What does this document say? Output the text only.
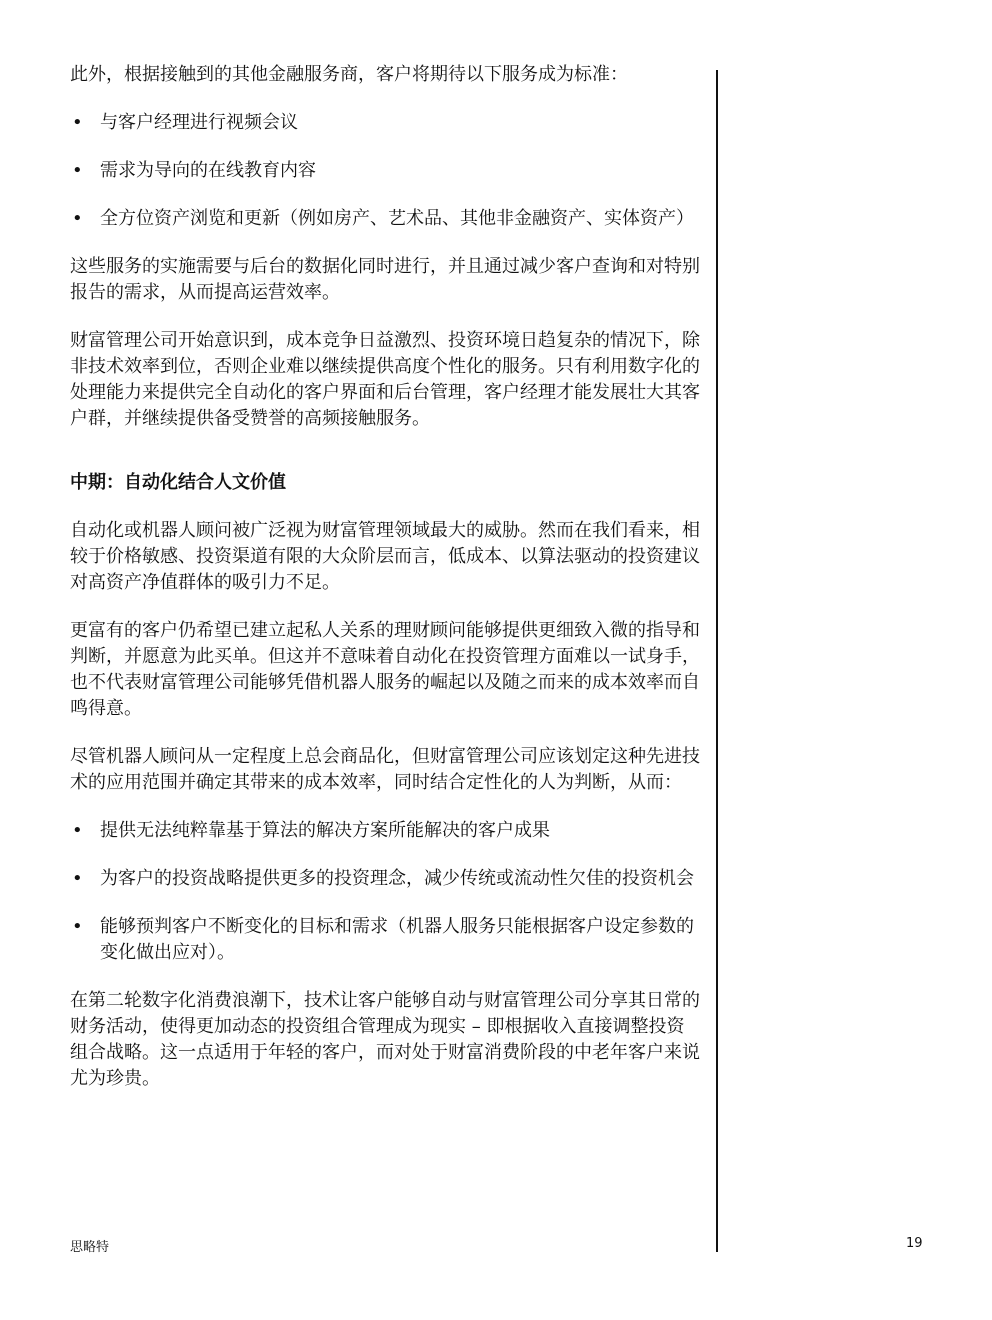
此外，根据接触到的其他金融服务商，客户将期待以下服务成为标准：

• 与客户经理进行视频会议
• 需求为导向的在线教育内容
• 全方位资产浏览和更新（例如房产、艺术品、其他非金融资产、实体资产）

这些服务的实施需要与后台的数据化同时进行，并且通过减少客户查询和对特别报告的需求，从而提高运营效率。

财富管理公司开始意识到，成本竞争日益激烈、投资环境日趋复杂的情况下，除非技术效率到位，否则企业难以继续提供高度个性化的服务。只有利用数字化的处理能力来提供完全自动化的客户界面和后台管理，客户经理才能发展壮大其客户群，并继续提供备受赞誉的高频接触服务。

中期：自动化结合人文价值

自动化或机器人顾问被广泛视为财富管理领域最大的威胁。然而在我们看来，相较于价格敏感、投资渠道有限的大众阶层而言，低成本、以算法驱动的投资建议对高资产净值群体的吸引力不足。

更富有的客户仍希望已建立起私人关系的理财顾问能够提供更细致入微的指导和判断，并愿意为此买单。但这并不意味着自动化在投资管理方面难以一试身手，也不代表财富管理公司能够凭借机器人服务的崛起以及随之而来的成本效率而自鸣得意。

尽管机器人顾问从一定程度上总会商品化，但财富管理公司应该划定这种先进技术的应用范围并确定其带来的成本效率，同时结合定性化的人为判断，从而：

• 提供无法纯粹靠基于算法的解决方案所能解决的客户成果
• 为客户的投资战略提供更多的投资理念，减少传统或流动性欠佳的投资机会
• 能够预判客户不断变化的目标和需求（机器人服务只能根据客户设定参数的变化做出应对）。

在第二轮数字化消费浪潮下，技术让客户能够自动与财富管理公司分享其日常的财务活动，使得更加动态的投资组合管理成为现实 – 即根据收入直接调整投资组合战略。这一点适用于年轻的客户，而对处于财富消费阶段的中老年客户来说尤为珍贵。

思略特	19
